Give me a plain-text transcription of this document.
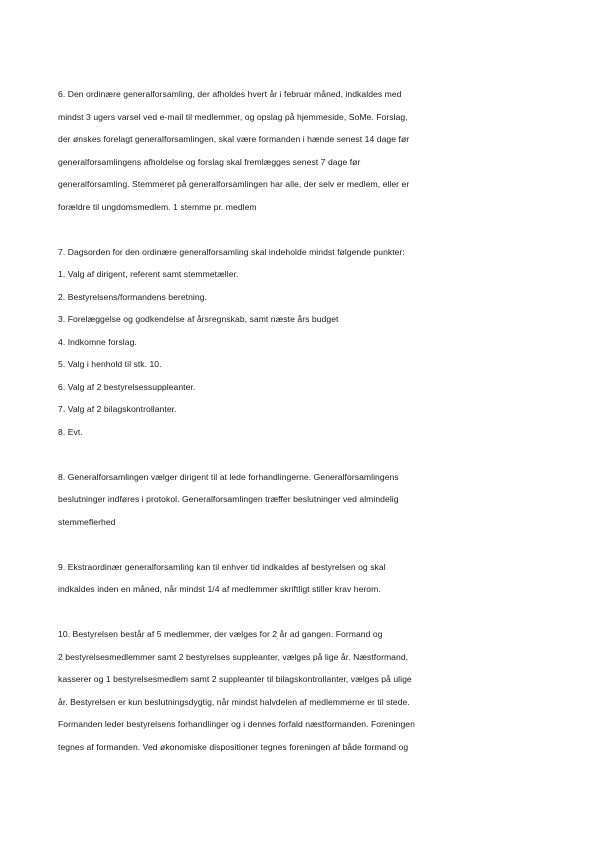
6. Den ordinære generalforsamling, der afholdes hvert år i februar måned, indkaldes med
mindst 3 ugers varsel ved e-mail til medlemmer, og opslag på hjemmeside, SoMe. Forslag,
der ønskes forelagt generalforsamlingen, skal være formanden i hænde senest 14 dage før
generalforsamlingens afholdelse og forslag skal fremlægges senest 7 dage før
generalforsamling. Stemmeret på generalforsamlingen har alle, der selv er medlem, eller er
forældre til ungdomsmedlem. 1 stemme pr. medlem
7. Dagsorden for den ordinære generalforsamling skal indeholde mindst følgende punkter:
1. Valg af dirigent, referent samt stemmetæller.
2. Bestyrelsens/formandens beretning.
3. Forelæggelse og godkendelse af årsregnskab, samt næste års budget
4. Indkomne forslag.
5. Valg i henhold til stk. 10.
6. Valg af 2 bestyrelsessuppleanter.
7. Valg af 2 bilagskontrollanter.
8. Evt.
8. Generalforsamlingen vælger dirigent til at lede forhandlingerne. Generalforsamlingens
beslutninger indføres i protokol. Generalforsamlingen træffer beslutninger ved almindelig
stemmeflerhed
9. Ekstraordinær generalforsamling kan til enhver tid indkaldes af bestyrelsen og skal
indkaldes inden en måned, når mindst 1/4 af medlemmer skriftligt stiller krav herom.
10. Bestyrelsen består af 5 medlemmer, der vælges for 2 år ad gangen. Formand og
2 bestyrelsesmedlemmer samt 2 bestyrelses suppleanter, vælges på lige år. Næstformand,
kasserer og 1 bestyrelsesmedlem samt 2 suppleanter til bilagskontrollanter, vælges på ulige
år. Bestyrelsen er kun beslutningsdygtig, når mindst halvdelen af medlemmerne er til stede.
Formanden leder bestyrelsens forhandlinger og i dennes forfald næstformanden. Foreningen
tegnes af formanden. Ved økonomiske dispositioner tegnes foreningen af både formand og
